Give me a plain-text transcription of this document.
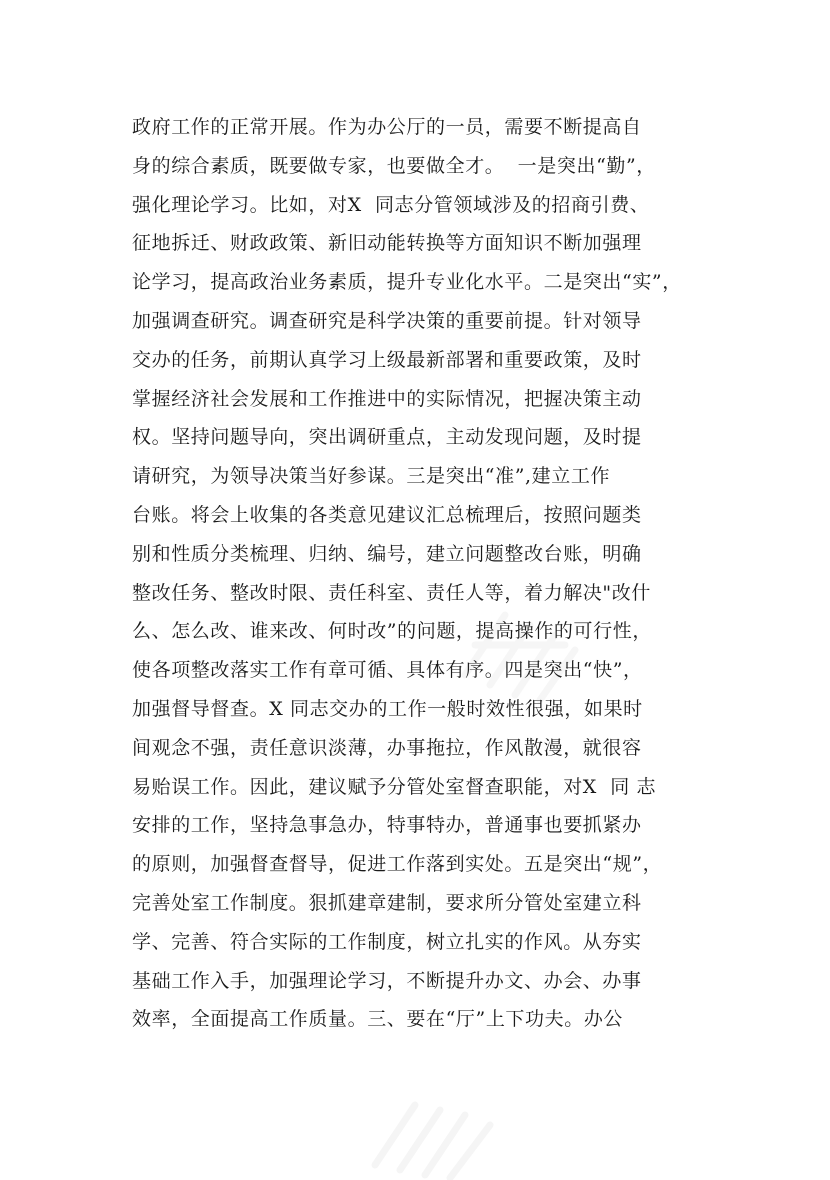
政府工作的正常开展。作为办公厅的一员，需要不断提高自
身的综合素质，既要做专家，也要做全才。  一是突出“勤”，
强化理论学习。比如，对X  同志分管领域涉及的招商引费、
征地拆迁、财政政策、新旧动能转换等方面知识不断加强理
论学习，提高政治业务素质，提升专业化水平。二是突出“实”，
加强调查研究。调查研究是科学决策的重要前提。针对领导
交办的任务，前期认真学习上级最新部署和重要政策，及时
掌握经济社会发展和工作推进中的实际情况，把握决策主动
权。坚持问题导向，突出调研重点，主动发现问题，及时提
请研究，为领导决策当好参谋。三是突出“准”,建立工作
台账。将会上收集的各类意见建议汇总梳理后，按照问题类
别和性质分类梳理、归纳、编号，建立问题整改台账，明确
整改任务、整改时限、责任科室、责任人等，着力解决"改什
么、怎么改、谁来改、何时改”的问题，提高操作的可行性，
使各项整改落实工作有章可循、具体有序。四是突出“快”，
加强督导督查。X 同志交办的工作一般时效性很强，如果时
间观念不强，责任意识淡薄，办事拖拉，作风散漫，就很容
易贻误工作。因此，建议赋予分管处室督查职能，对X  同 志
安排的工作，坚持急事急办，特事特办，普通事也要抓紧办
的原则，加强督查督导，促进工作落到实处。五是突出“规”，
完善处室工作制度。狠抓建章建制，要求所分管处室建立科
学、完善、符合实际的工作制度，树立扎实的作风。从夯实
基础工作入手，加强理论学习，不断提升办文、办会、办事
效率，全面提高工作质量。三、要在“厅”上下功夫。办公
